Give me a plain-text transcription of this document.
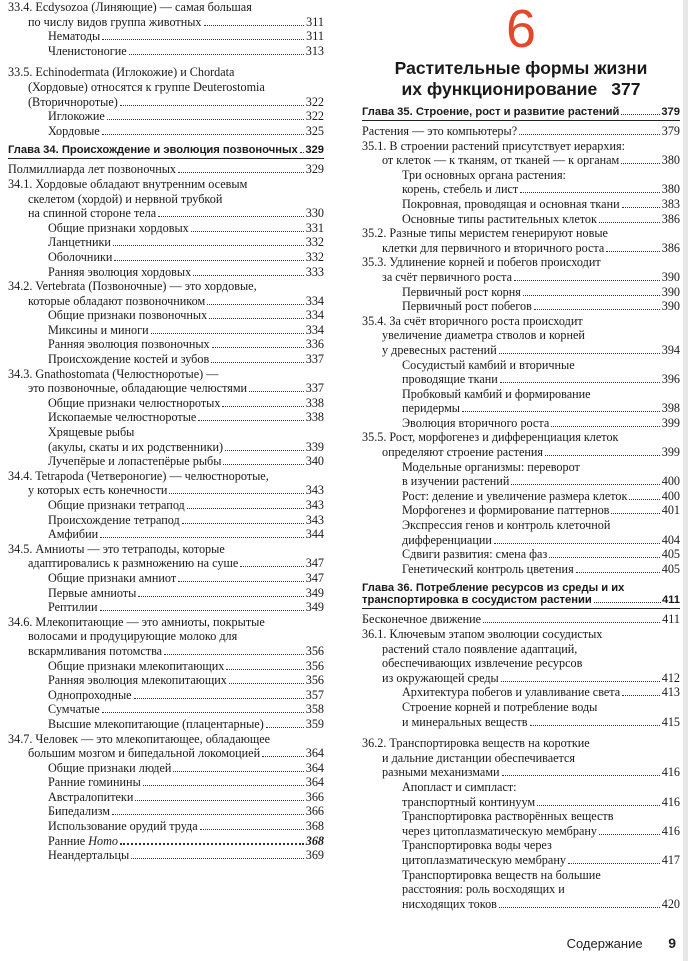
33.4. Ecdysozoa (Линяющие) — самая большая
по числу видов группа животных	311
Нематоды	311
Членистоногие	313
33.5. Echinodermata (Иглокожие) и Chordata
(Хордовые) относятся к группе Deuterostomia
(Вторичноротые)	322
Иглокожие	322
Хордовые	325
Глава 34. Происхождение и эволюция позвоночных 329
Полмиллиарда лет позвоночных	329
34.1. Хордовые обладают внутренним осевым
скелетом (хордой) и нервной трубкой
на спинной стороне тела	330
Общие признаки хордовых	331
Ланцетники	332
Оболочники	332
Ранняя эволюция хордовых	333
34.2. Vertebrata (Позвоночные) — это хордовые,
которые обладают позвоночником	334
Общие признаки позвоночных	334
Миксины и миноги	334
Ранняя эволюция позвоночных	336
Происхождение костей и зубов	337
34.3. Gnathostomata (Челюстноротые) —
это позвоночные, обладающие челюстями	337
Общие признаки челюстноротых	338
Ископаемые челюстноротые	338
Хрящевые рыбы
(акулы, скаты и их родственники)	339
Лучепёрые и лопастепёрые рыбы	340
34.4. Tetrapoda (Четвероногие) — челюстноротые,
у которых есть конечности	343
Общие признаки тетрапод	343
Происхождение тетрапод	343
Амфибии	344
34.5. Амниоты — это тетраподы, которые
адаптировались к размножению на суше	347
Общие признаки амниот	347
Первые амниоты	349
Рептилии	349
34.6. Млекопитающие — это амниоты, покрытые
волосами и продуцирующие молоко для
вскармливания потомства	356
Общие признаки млекопитающих	356
Ранняя эволюция млекопитающих	356
Однопроходные	357
Сумчатые	358
Высшие млекопитающие (плацентарные)	359
34.7. Человек — это млекопитающее, обладающее
большим мозгом и бипедальной локомоцией	364
Общие признаки людей	364
Ранние гоминины	364
Австралопитеки	366
Бипедализм	366
Использование орудий труда	368
Ранние Homo	368
Неандертальцы	369
6
Растительные формы жизни
их функционирование 377
Глава 35. Строение, рост и развитие растений	379
Растения — это компьютеры?	379
35.1. В строении растений присутствует иерархия:
от клеток — к тканям, от тканей — к органам	380
Три основных органа растения:
корень, стебель и лист	380
Покровная, проводящая и основная ткани	383
Основные типы растительных клеток	386
35.2. Разные типы меристем генерируют новые
клетки для первичного и вторичного роста	386
35.3. Удлинение корней и побегов происходит
за счёт первичного роста	390
Первичный рост корня	390
Первичный рост побегов	390
35.4. За счёт вторичного роста происходит
увеличение диаметра стволов и корней
у древесных растений	394
Сосудистый камбий и вторичные
проводящие ткани	396
Пробковый камбий и формирование
перидермы	398
Эволюция вторичного роста	399
35.5. Рост, морфогенез и дифференциация клеток
определяют строение растения	399
Модельные организмы: переворот
в изучении растений	400
Рост: деление и увеличение размера клеток	400
Морфогенез и формирование паттернов	401
Экспрессия генов и контроль клеточной
дифференциации	404
Сдвиги развития: смена фаз	405
Генетический контроль цветения	405
Глава 36. Потребление ресурсов из среды и их
транспортировка в сосудистом растении	411
Бесконечное движение	411
36.1. Ключевым этапом эволюции сосудистых
растений стало появление адаптаций,
обеспечивающих извлечение ресурсов
из окружающей среды	412
Архитектура побегов и улавливание света	413
Строение корней и потребление воды
и минеральных веществ	415
36.2. Транспортировка веществ на короткие
и дальние дистанции обеспечивается
разными механизмами	416
Апопласт и симпласт:
транспортный континуум	416
Транспортировка растворённых веществ
через цитоплазматическую мембрану	416
Транспортировка воды через
цитоплазматическую мембрану	417
Транспортировка веществ на большие
расстояния: роль восходящих и
нисходящих токов	420
Содержание 9
